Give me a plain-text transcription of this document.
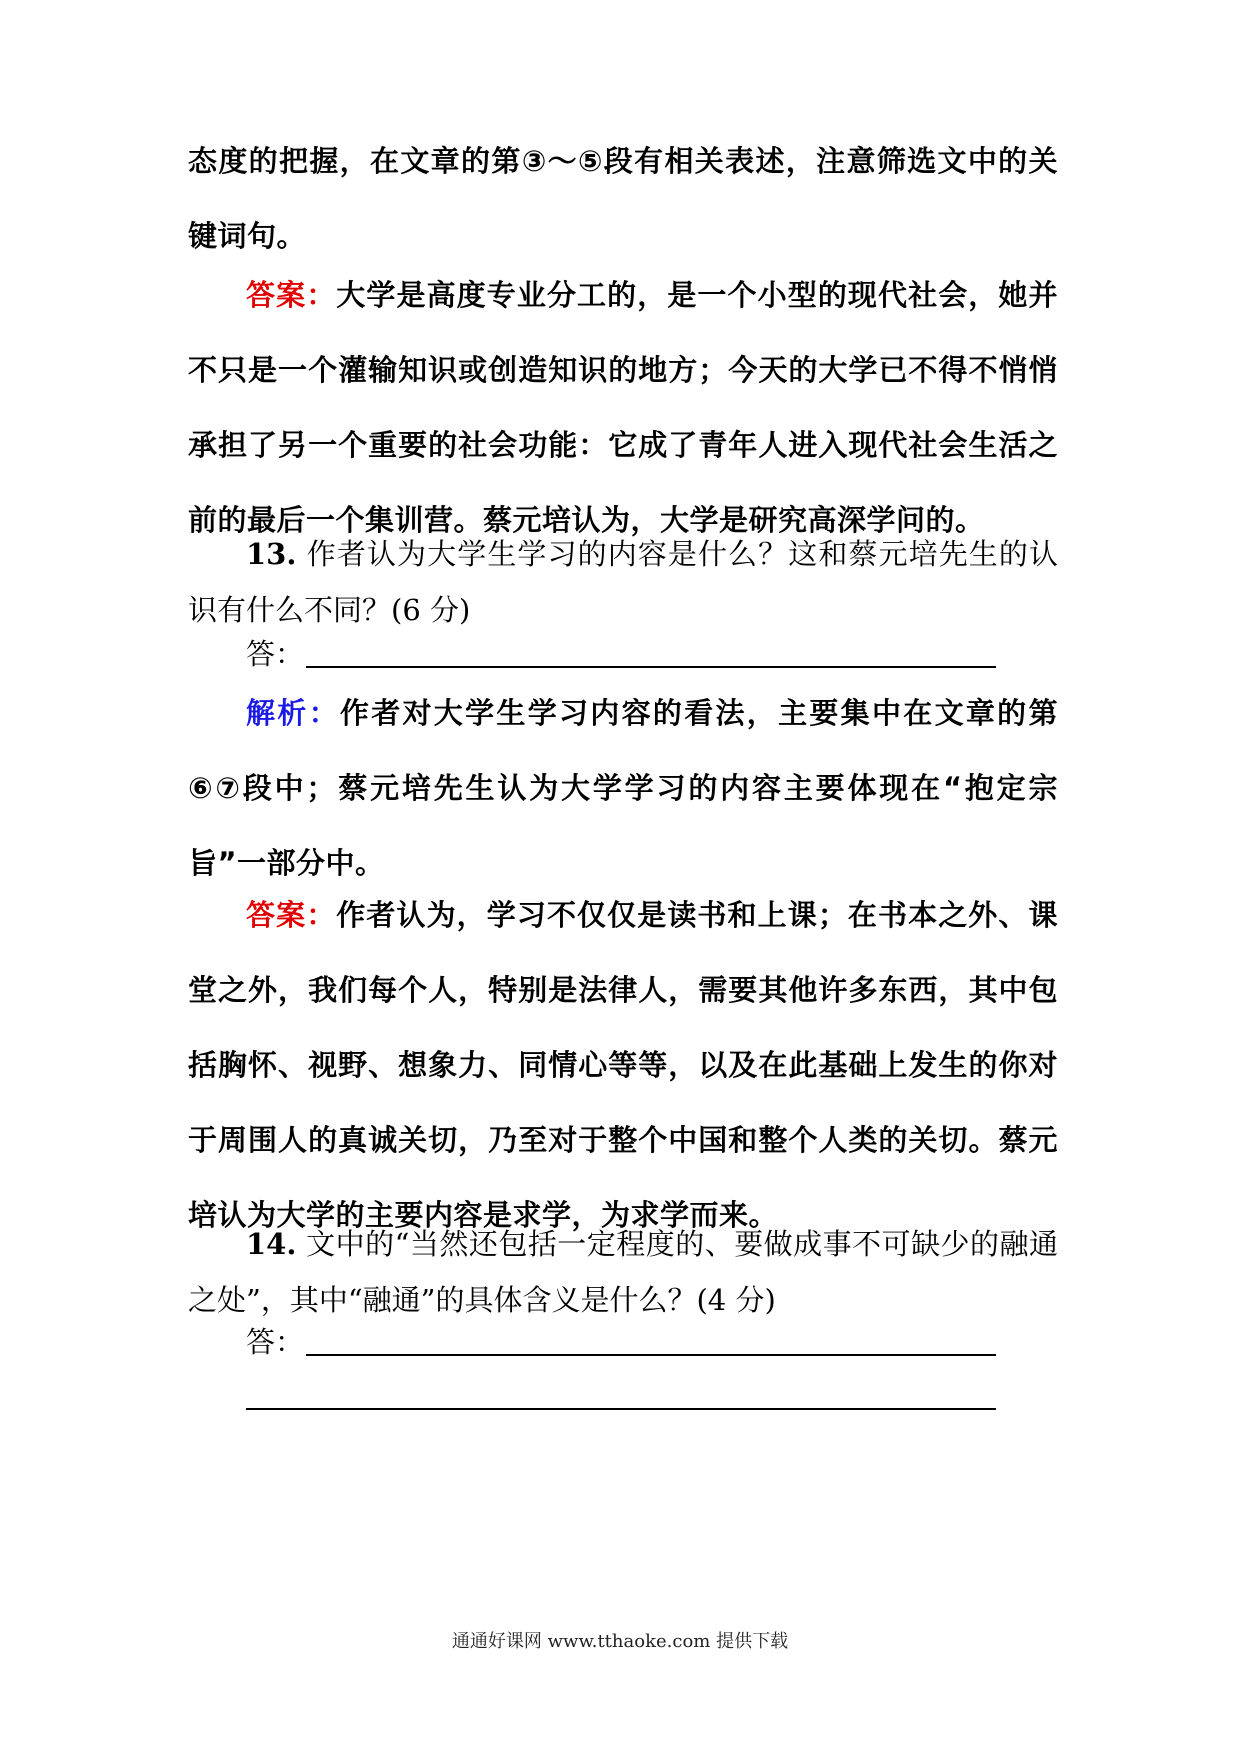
态度的把握，在文章的第③～⑤段有相关表述，注意筛选文中的关键词句。

答案：大学是高度专业分工的，是一个小型的现代社会，她并不只是一个灌输知识或创造知识的地方；今天的大学已不得不悄悄承担了另一个重要的社会功能：它成了青年人进入现代社会生活之前的最后一个集训营。蔡元培认为，大学是研究高深学问的。

13. 作者认为大学生学习的内容是什么？这和蔡元培先生的认识有什么不同？(6 分)

答：

解析：作者对大学生学习内容的看法，主要集中在文章的第⑥⑦段中；蔡元培先生认为大学学习的内容主要体现在“抱定宗旨”一部分中。

答案：作者认为，学习不仅仅是读书和上课；在书本之外、课堂之外，我们每个人，特别是法律人，需要其他许多东西，其中包括胸怀、视野、想象力、同情心等等，以及在此基础上发生的你对于周围人的真诚关切，乃至对于整个中国和整个人类的关切。蔡元培认为大学的主要内容是求学，为求学而来。

14. 文中的“当然还包括一定程度的、要做成事不可缺少的融通之处”，其中“融通”的具体含义是什么？(4 分)

答：
通通好课网 www.tthaoke.com 提供下载
